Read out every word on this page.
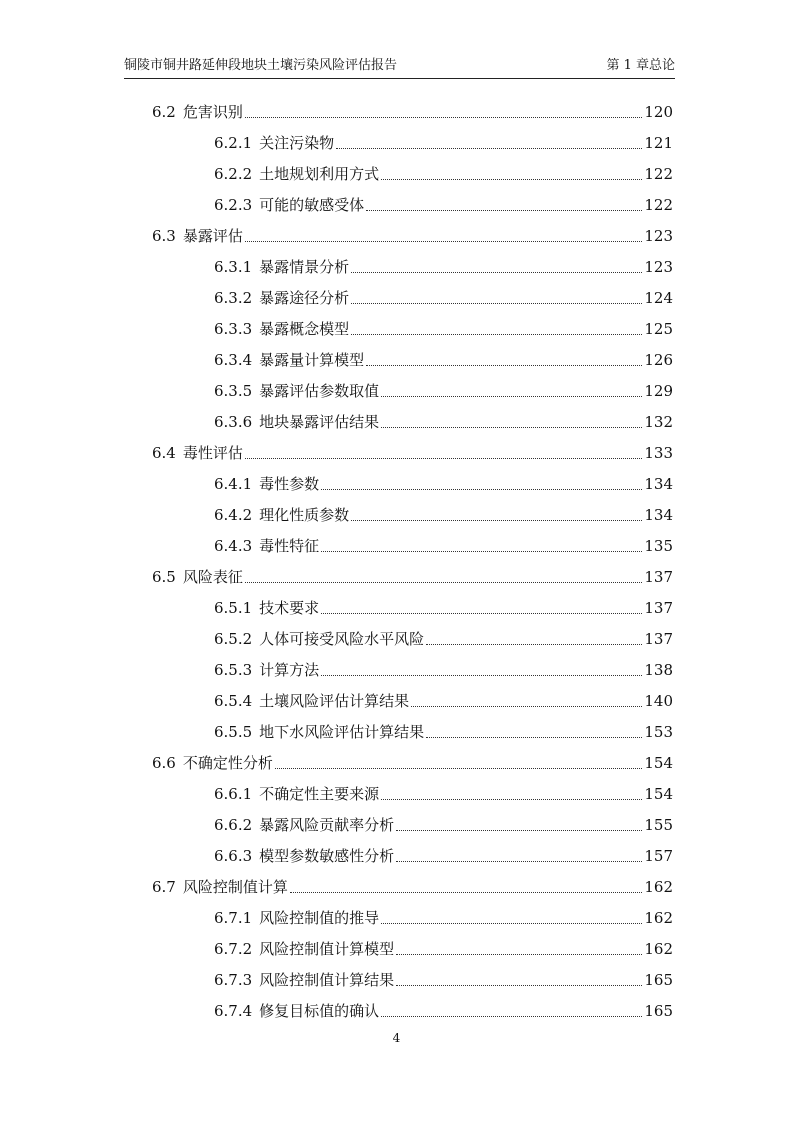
铜陵市铜井路延伸段地块土壤污染风险评估报告	第 1 章总论
6.2 危害识别	120
6.2.1 关注污染物	121
6.2.2 土地规划利用方式	122
6.2.3 可能的敏感受体	122
6.3 暴露评估	123
6.3.1 暴露情景分析	123
6.3.2 暴露途径分析	124
6.3.3 暴露概念模型	125
6.3.4 暴露量计算模型	126
6.3.5 暴露评估参数取值	129
6.3.6 地块暴露评估结果	132
6.4 毒性评估	133
6.4.1 毒性参数	134
6.4.2 理化性质参数	134
6.4.3 毒性特征	135
6.5 风险表征	137
6.5.1 技术要求	137
6.5.2 人体可接受风险水平风险	137
6.5.3 计算方法	138
6.5.4 土壤风险评估计算结果	140
6.5.5 地下水风险评估计算结果	153
6.6 不确定性分析	154
6.6.1 不确定性主要来源	154
6.6.2 暴露风险贡献率分析	155
6.6.3 模型参数敏感性分析	157
6.7 风险控制值计算	162
6.7.1 风险控制值的推导	162
6.7.2 风险控制值计算模型	162
6.7.3 风险控制值计算结果	165
6.7.4 修复目标值的确认	165
4
